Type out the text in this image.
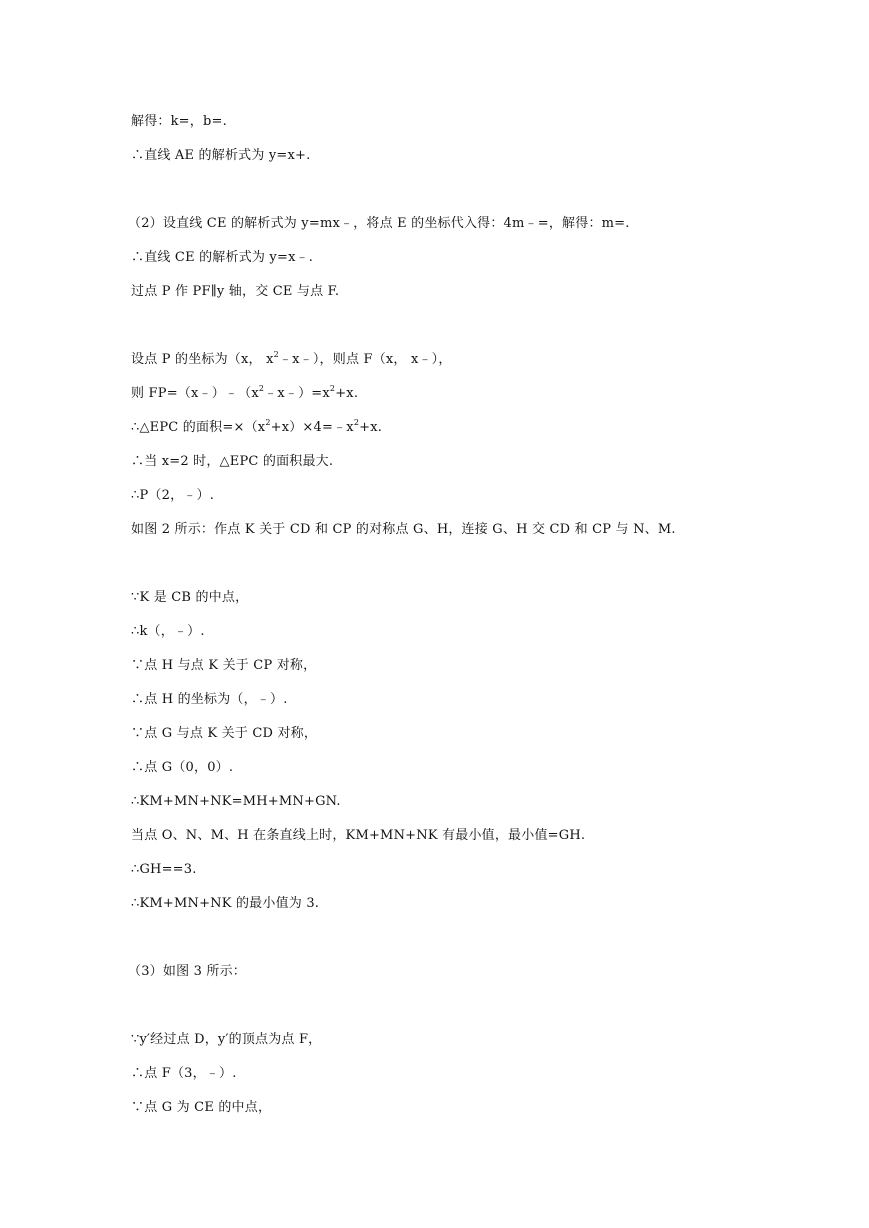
解得：k=，b=.
∴直线 AE 的解析式为 y=x+.
（2）设直线 CE 的解析式为 y=mx﹣，将点 E 的坐标代入得：4m﹣=，解得：m=.
∴直线 CE 的解析式为 y=x﹣.
过点 P 作 PF∥y 轴，交 CE 与点 F.
设点 P 的坐标为（x， $x^2﹣x﹣$），则点 F（x， x﹣），
则 $FP=(x﹣)﹣(x^2﹣x﹣)=x^2+x$.
∴△EPC 的面积$=\times(x^2+x)\times 4=﹣x^2+x$.
∴当 x=2 时，△EPC 的面积最大.
∴P（2，﹣）.
如图 2 所示：作点 K 关于 CD 和 CP 的对称点 G、H，连接 G、H 交 CD 和 CP 与 N、M.
∵K 是 CB 的中点，
∴k（，﹣）.
∵点 H 与点 K 关于 CP 对称，
∴点 H 的坐标为（，﹣）.
∵点 G 与点 K 关于 CD 对称，
∴点 G（0，0）.
∴KM+MN+NK=MH+MN+GN.
当点 O、N、M、H 在条直线上时，KM+MN+NK 有最小值，最小值=GH.
∴GH==3.
∴KM+MN+NK 的最小值为 3.
（3）如图 3 所示：
∵y′经过点 D，y′的顶点为点 F，
∴点 F（3，﹣）.
∵点 G 为 CE 的中点，
